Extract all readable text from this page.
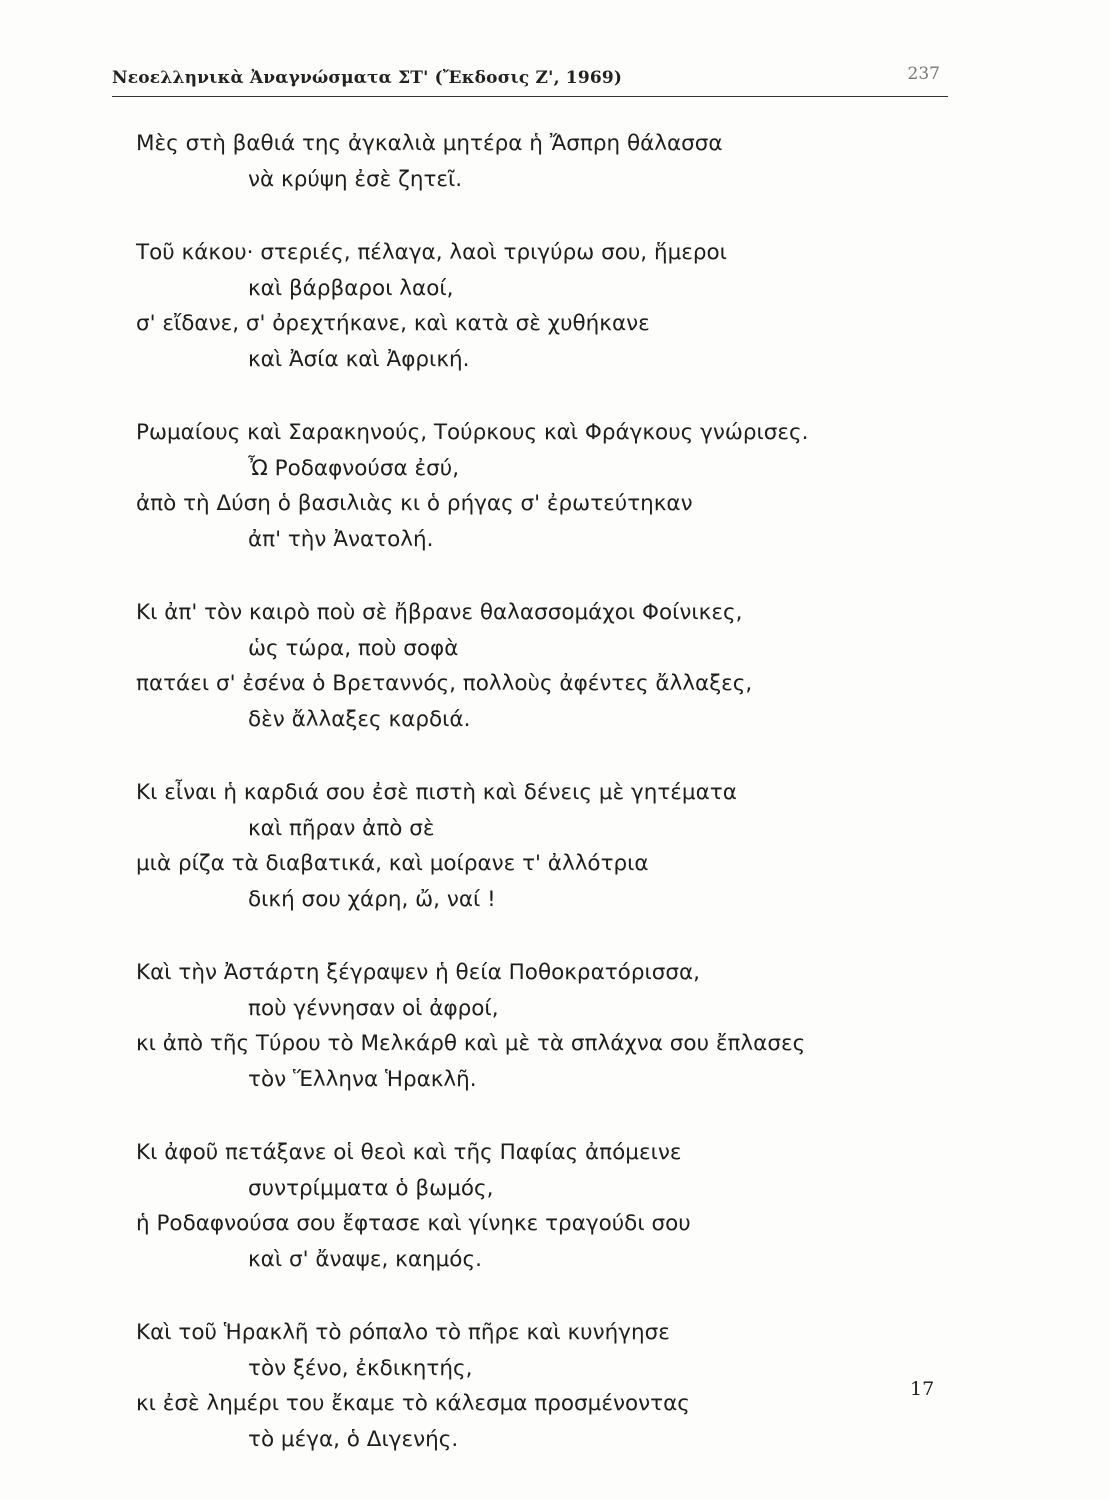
Νεοελληνικὰ Ἀναγνώσματα ΣΤ' (Ἔκδοσις Ζ', 1969)	237
Μὲς στὴ βαθιά της ἀγκαλιὰ μητέρα ἡ Ἄσπρη θάλασσα
νὰ κρύψη ἐσὲ ζητεῖ.
Τοῦ κάκου· στεριές, πέλαγα, λαοὶ τριγύρω σου, ἥμεροι
καὶ βάρβαροι λαοί,
σ' εἴδανε, σ' ὀρεχτήκανε, καὶ κατὰ σὲ χυθήκανε
καὶ Ἀσία καὶ Ἀφρική.
Ρωμαίους καὶ Σαρακηνούς, Τούρκους καὶ Φράγκους γνώρισες.
Ὦ Ροδαφνούσα ἐσύ,
ἀπὸ τὴ Δύση ὁ βασιλιὰς κι ὁ ρήγας σ' ἐρωτεύτηκαν
ἀπ' τὴν Ἀνατολή.
Κι ἀπ' τὸν καιρὸ ποὺ σὲ ἤβρανε θαλασσομάχοι Φοίνικες,
ὡς τώρα, ποὺ σοφὰ
πατάει σ' ἐσένα ὁ Βρεταννός, πολλοὺς ἀφέντες ἄλλαξες,
δὲν ἄλλαξες καρδιά.
Κι εἶναι ἡ καρδιά σου ἐσὲ πιστὴ καὶ δένεις μὲ γητέματα
καὶ πῆραν ἀπὸ σὲ
μιὰ ρίζα τὰ διαβατικά, καὶ μοίρανε τ' ἀλλότρια
δική σου χάρη, ὤ, ναί !
Καὶ τὴν Ἀστάρτη ξέγραψεν ἡ θεία Ποθοκρατόρισσα,
ποὺ γέννησαν οἱ ἀφροί,
κι ἀπὸ τῆς Τύρου τὸ Μελκάρθ καὶ μὲ τὰ σπλάχνα σου ἔπλασες
τὸν Ἕλληνα Ἡρακλῆ.
Κι ἀφοῦ πετάξανε οἱ θεοὶ καὶ τῆς Παφίας ἀπόμεινε
συντρίμματα ὁ βωμός,
ἡ Ροδαφνούσα σου ἔφτασε καὶ γίνηκε τραγούδι σου
καὶ σ' ἄναψε, καημός.
Καὶ τοῦ Ἡρακλῆ τὸ ρόπαλο τὸ πῆρε καὶ κυνήγησε
τὸν ξένο, ἐκδικητής,
κι ἐσὲ λημέρι του ἔκαμε τὸ κάλεσμα προσμένοντας
τὸ μέγα, ὁ Διγενής.
17
